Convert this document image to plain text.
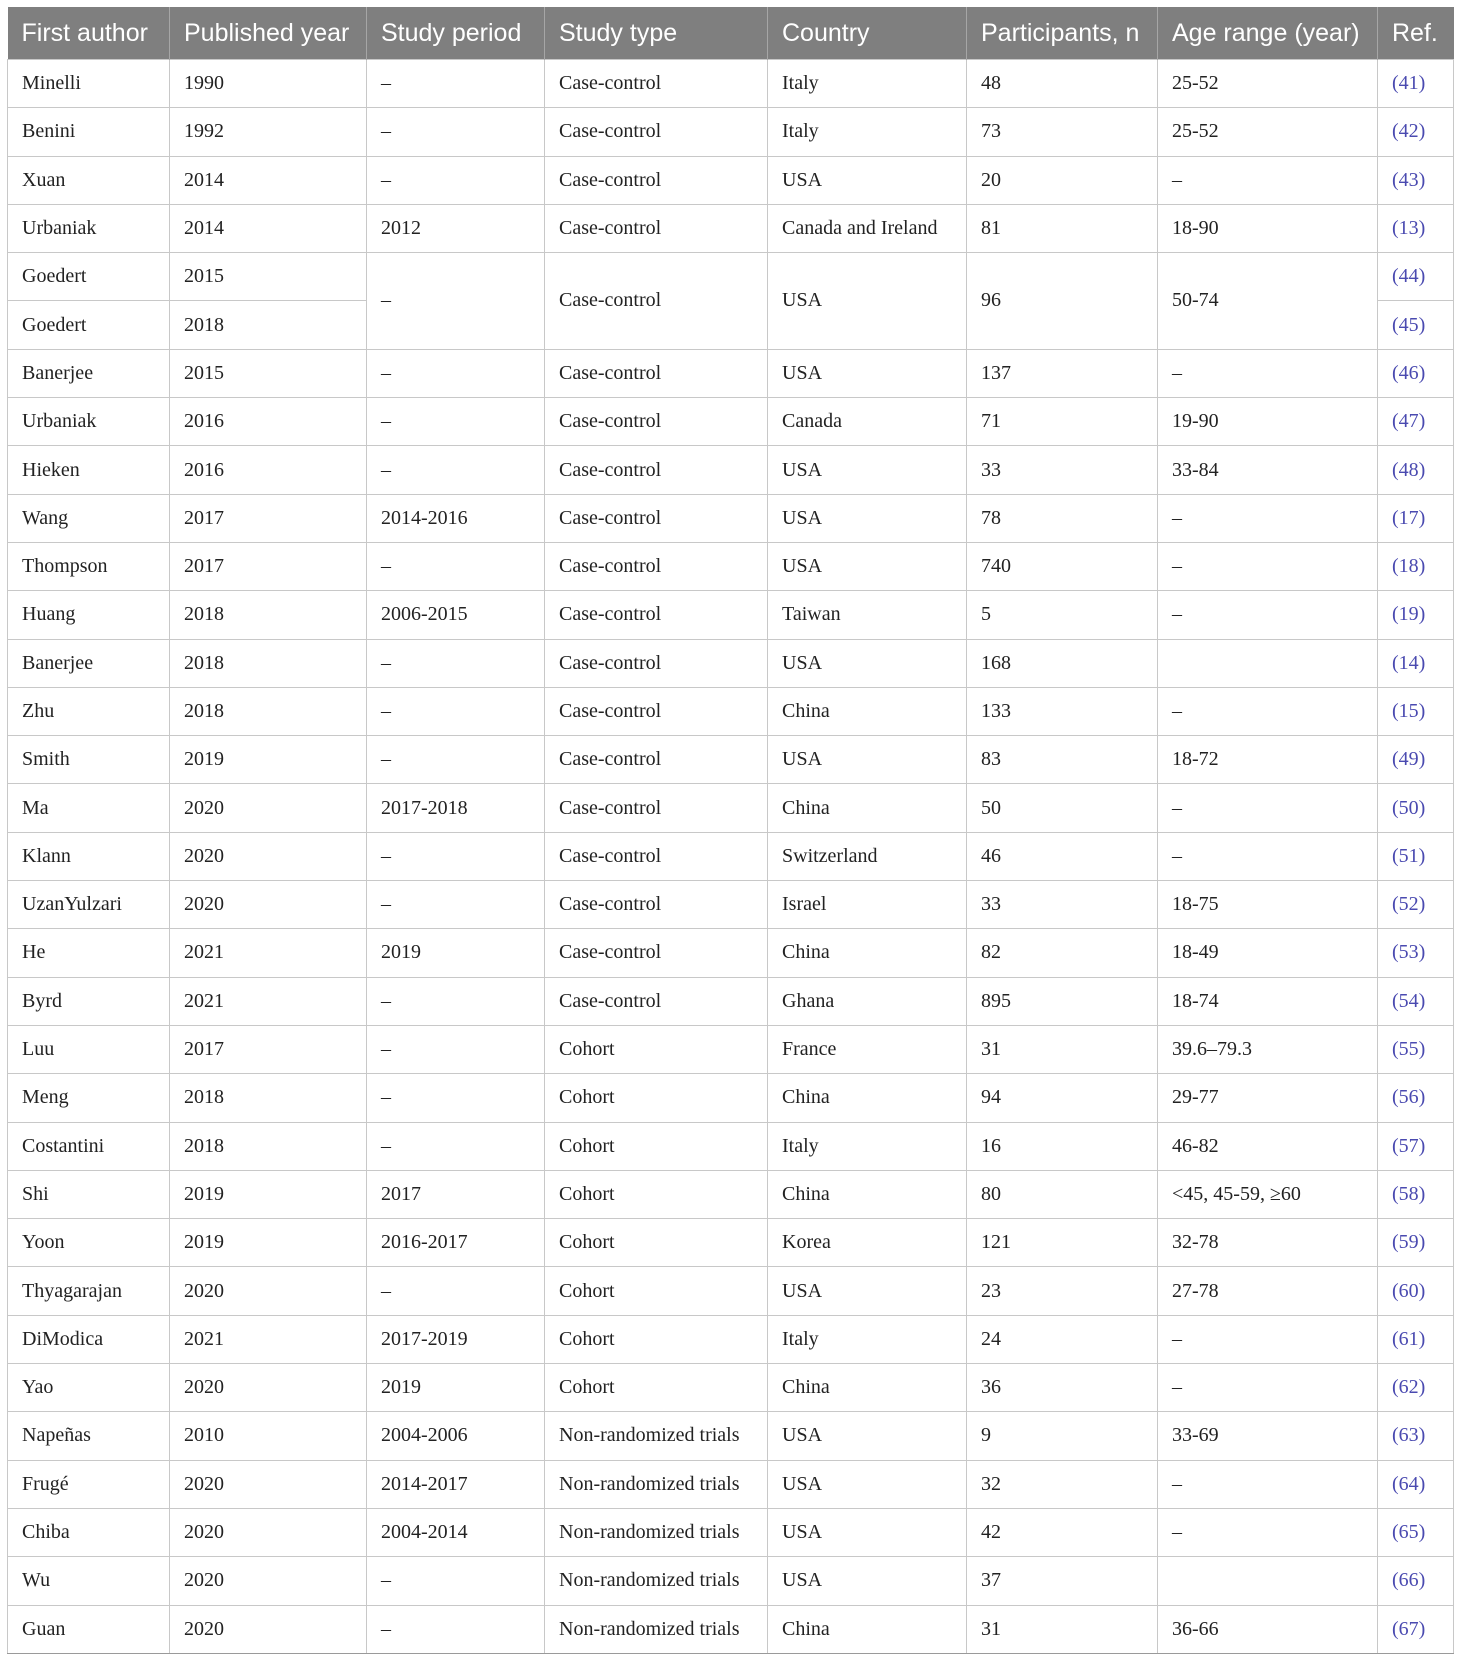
First author	Published year	Study period	Study type	Country	Participants, n	Age range (year)	Ref.
Minelli	1990	–	Case-control	Italy	48	25-52	(41)
Benini	1992	–	Case-control	Italy	73	25-52	(42)
Xuan	2014	–	Case-control	USA	20	–	(43)
Urbaniak	2014	2012	Case-control	Canada and Ireland	81	18-90	(13)
Goedert	2015	–	Case-control	USA	96	50-74	(44)
Goedert	2018						(45)
Banerjee	2015	–	Case-control	USA	137	–	(46)
Urbaniak	2016	–	Case-control	Canada	71	19-90	(47)
Hieken	2016	–	Case-control	USA	33	33-84	(48)
Wang	2017	2014-2016	Case-control	USA	78	–	(17)
Thompson	2017	–	Case-control	USA	740	–	(18)
Huang	2018	2006-2015	Case-control	Taiwan	5	–	(19)
Banerjee	2018	–	Case-control	USA	168		(14)
Zhu	2018	–	Case-control	China	133	–	(15)
Smith	2019	–	Case-control	USA	83	18-72	(49)
Ma	2020	2017-2018	Case-control	China	50	–	(50)
Klann	2020	–	Case-control	Switzerland	46	–	(51)
UzanYulzari	2020	–	Case-control	Israel	33	18-75	(52)
He	2021	2019	Case-control	China	82	18-49	(53)
Byrd	2021	–	Case-control	Ghana	895	18-74	(54)
Luu	2017	–	Cohort	France	31	39.6–79.3	(55)
Meng	2018	–	Cohort	China	94	29-77	(56)
Costantini	2018	–	Cohort	Italy	16	46-82	(57)
Shi	2019	2017	Cohort	China	80	<45, 45-59, ≥60	(58)
Yoon	2019	2016-2017	Cohort	Korea	121	32-78	(59)
Thyagarajan	2020	–	Cohort	USA	23	27-78	(60)
DiModica	2021	2017-2019	Cohort	Italy	24	–	(61)
Yao	2020	2019	Cohort	China	36	–	(62)
Napeñas	2010	2004-2006	Non-randomized trials	USA	9	33-69	(63)
Frugé	2020	2014-2017	Non-randomized trials	USA	32	–	(64)
Chiba	2020	2004-2014	Non-randomized trials	USA	42	–	(65)
Wu	2020	–	Non-randomized trials	USA	37		(66)
Guan	2020	–	Non-randomized trials	China	31	36-66	(67)
